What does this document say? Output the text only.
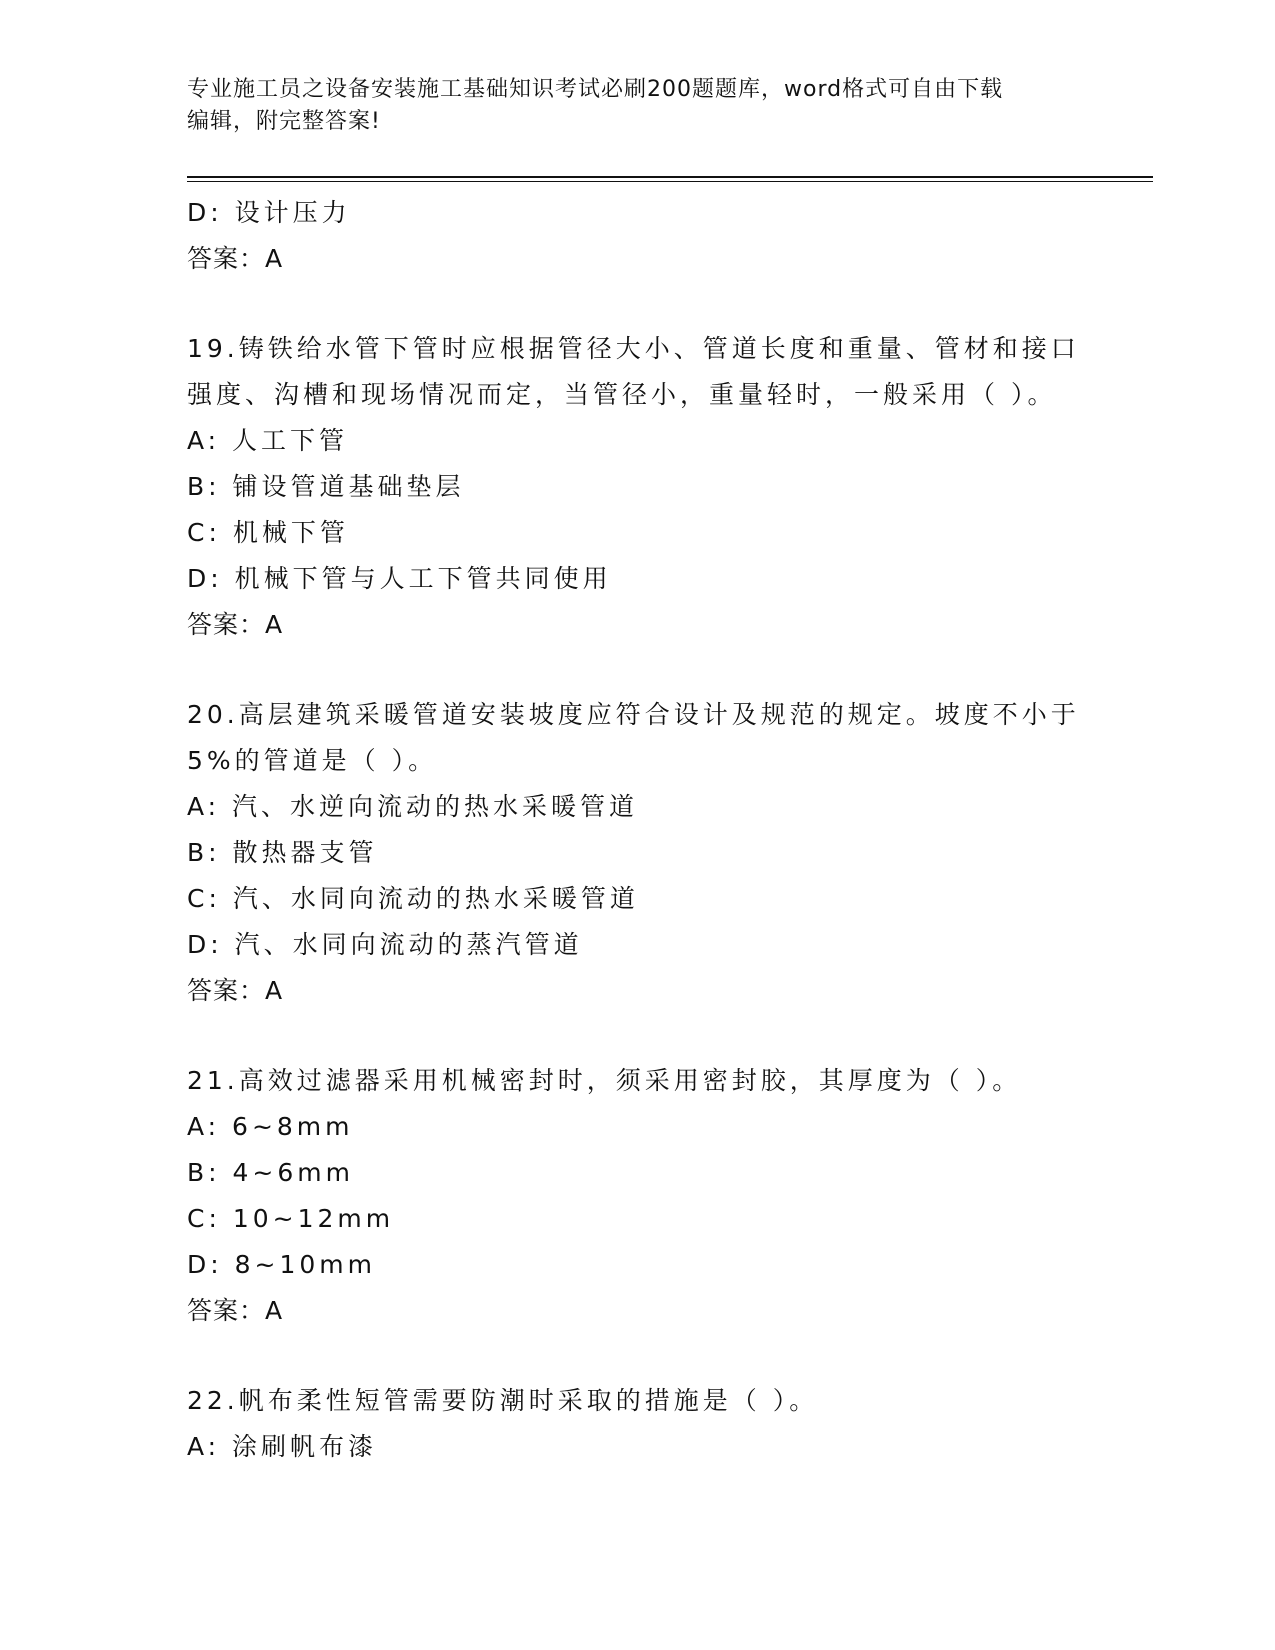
专业施工员之设备安装施工基础知识考试必刷200题题库，word格式可自由下载
编辑，附完整答案!
D: 设计压力
答案：A
19.铸铁给水管下管时应根据管径大小、管道长度和重量、管材和接口
强度、沟槽和现场情况而定，当管径小，重量轻时，一般采用（ ）。
A: 人工下管
B: 铺设管道基础垫层
C: 机械下管
D: 机械下管与人工下管共同使用
答案：A
20.高层建筑采暖管道安装坡度应符合设计及规范的规定。坡度不小于
5%的管道是（ ）。
A: 汽、水逆向流动的热水采暖管道
B: 散热器支管
C: 汽、水同向流动的热水采暖管道
D: 汽、水同向流动的蒸汽管道
答案：A
21.高效过滤器采用机械密封时，须采用密封胶，其厚度为（ ）。
A: 6~8mm
B: 4~6mm
C: 10~12mm
D: 8~10mm
答案：A
22.帆布柔性短管需要防潮时采取的措施是（ ）。
A: 涂刷帆布漆
